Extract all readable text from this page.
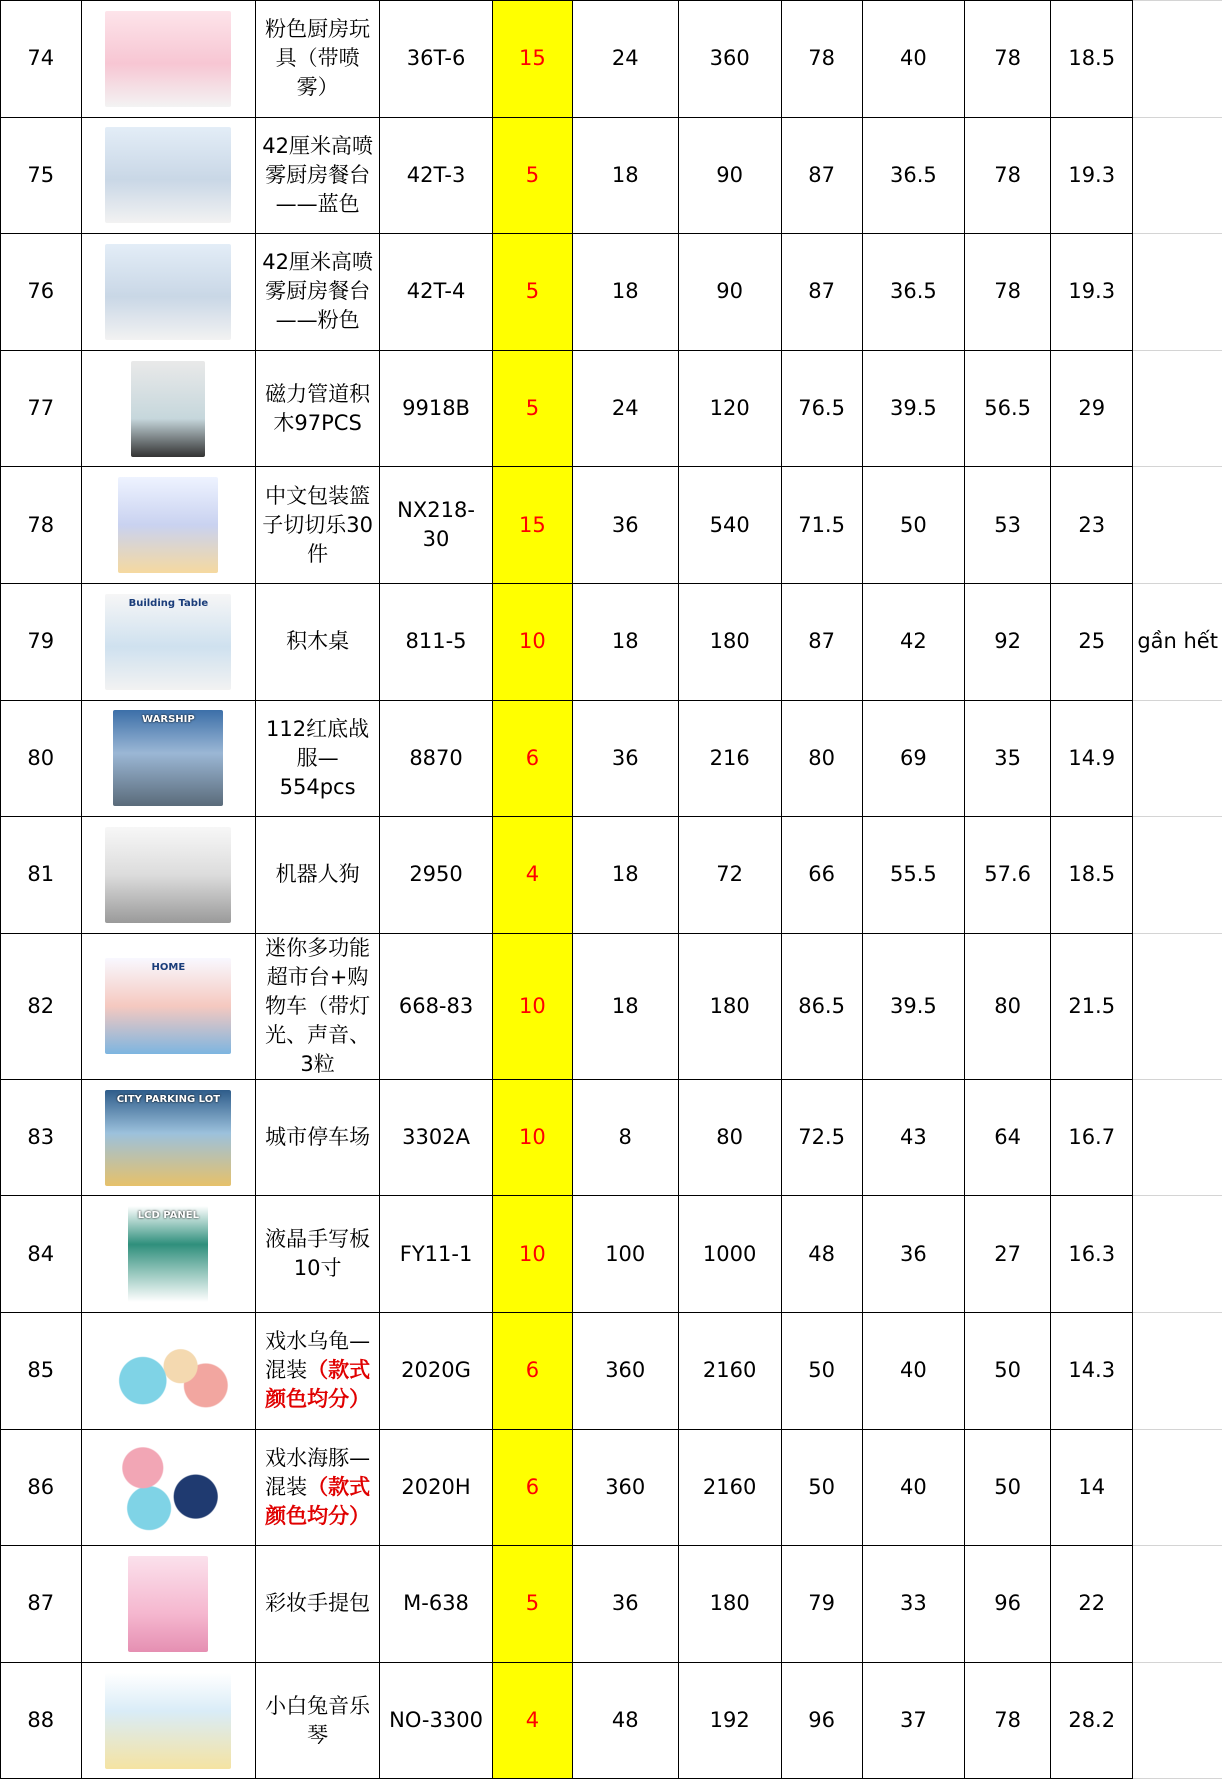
74		粉色厨房玩具（带喷雾）	36T-6	15	24	360	78	40	78	18.5	
75		42厘米高喷雾厨房餐台——蓝色	42T-3	5	18	90	87	36.5	78	19.3	
76		42厘米高喷雾厨房餐台——粉色	42T-4	5	18	90	87	36.5	78	19.3	
77		磁力管道积木97PCS	9918B	5	24	120	76.5	39.5	56.5	29	
78		中文包装篮子切切乐30件	NX218-30	15	36	540	71.5	50	53	23	
79	Building Table	积木桌	811-5	10	18	180	87	42	92	25	gần hết
80	WARSHIP	112红底战服—554pcs	8870	6	36	216	80	69	35	14.9	
81		机器人狗	2950	4	18	72	66	55.5	57.6	18.5	
82	HOME	迷你多功能超市台+购物车（带灯光、声音、3粒	668-83	10	18	180	86.5	39.5	80	21.5	
83	CITY PARKING LOT	城市停车场	3302A	10	8	80	72.5	43	64	16.7	
84	LCD PANEL	液晶手写板10寸	FY11-1	10	100	1000	48	36	27	16.3	
85		戏水乌龟—混装（款式颜色均分）	2020G	6	360	2160	50	40	50	14.3	
86		戏水海豚—混装（款式颜色均分）	2020H	6	360	2160	50	40	50	14	
87		彩妆手提包	M-638	5	36	180	79	33	96	22	
88		小白兔音乐琴	NO-3300	4	48	192	96	37	78	28.2	
